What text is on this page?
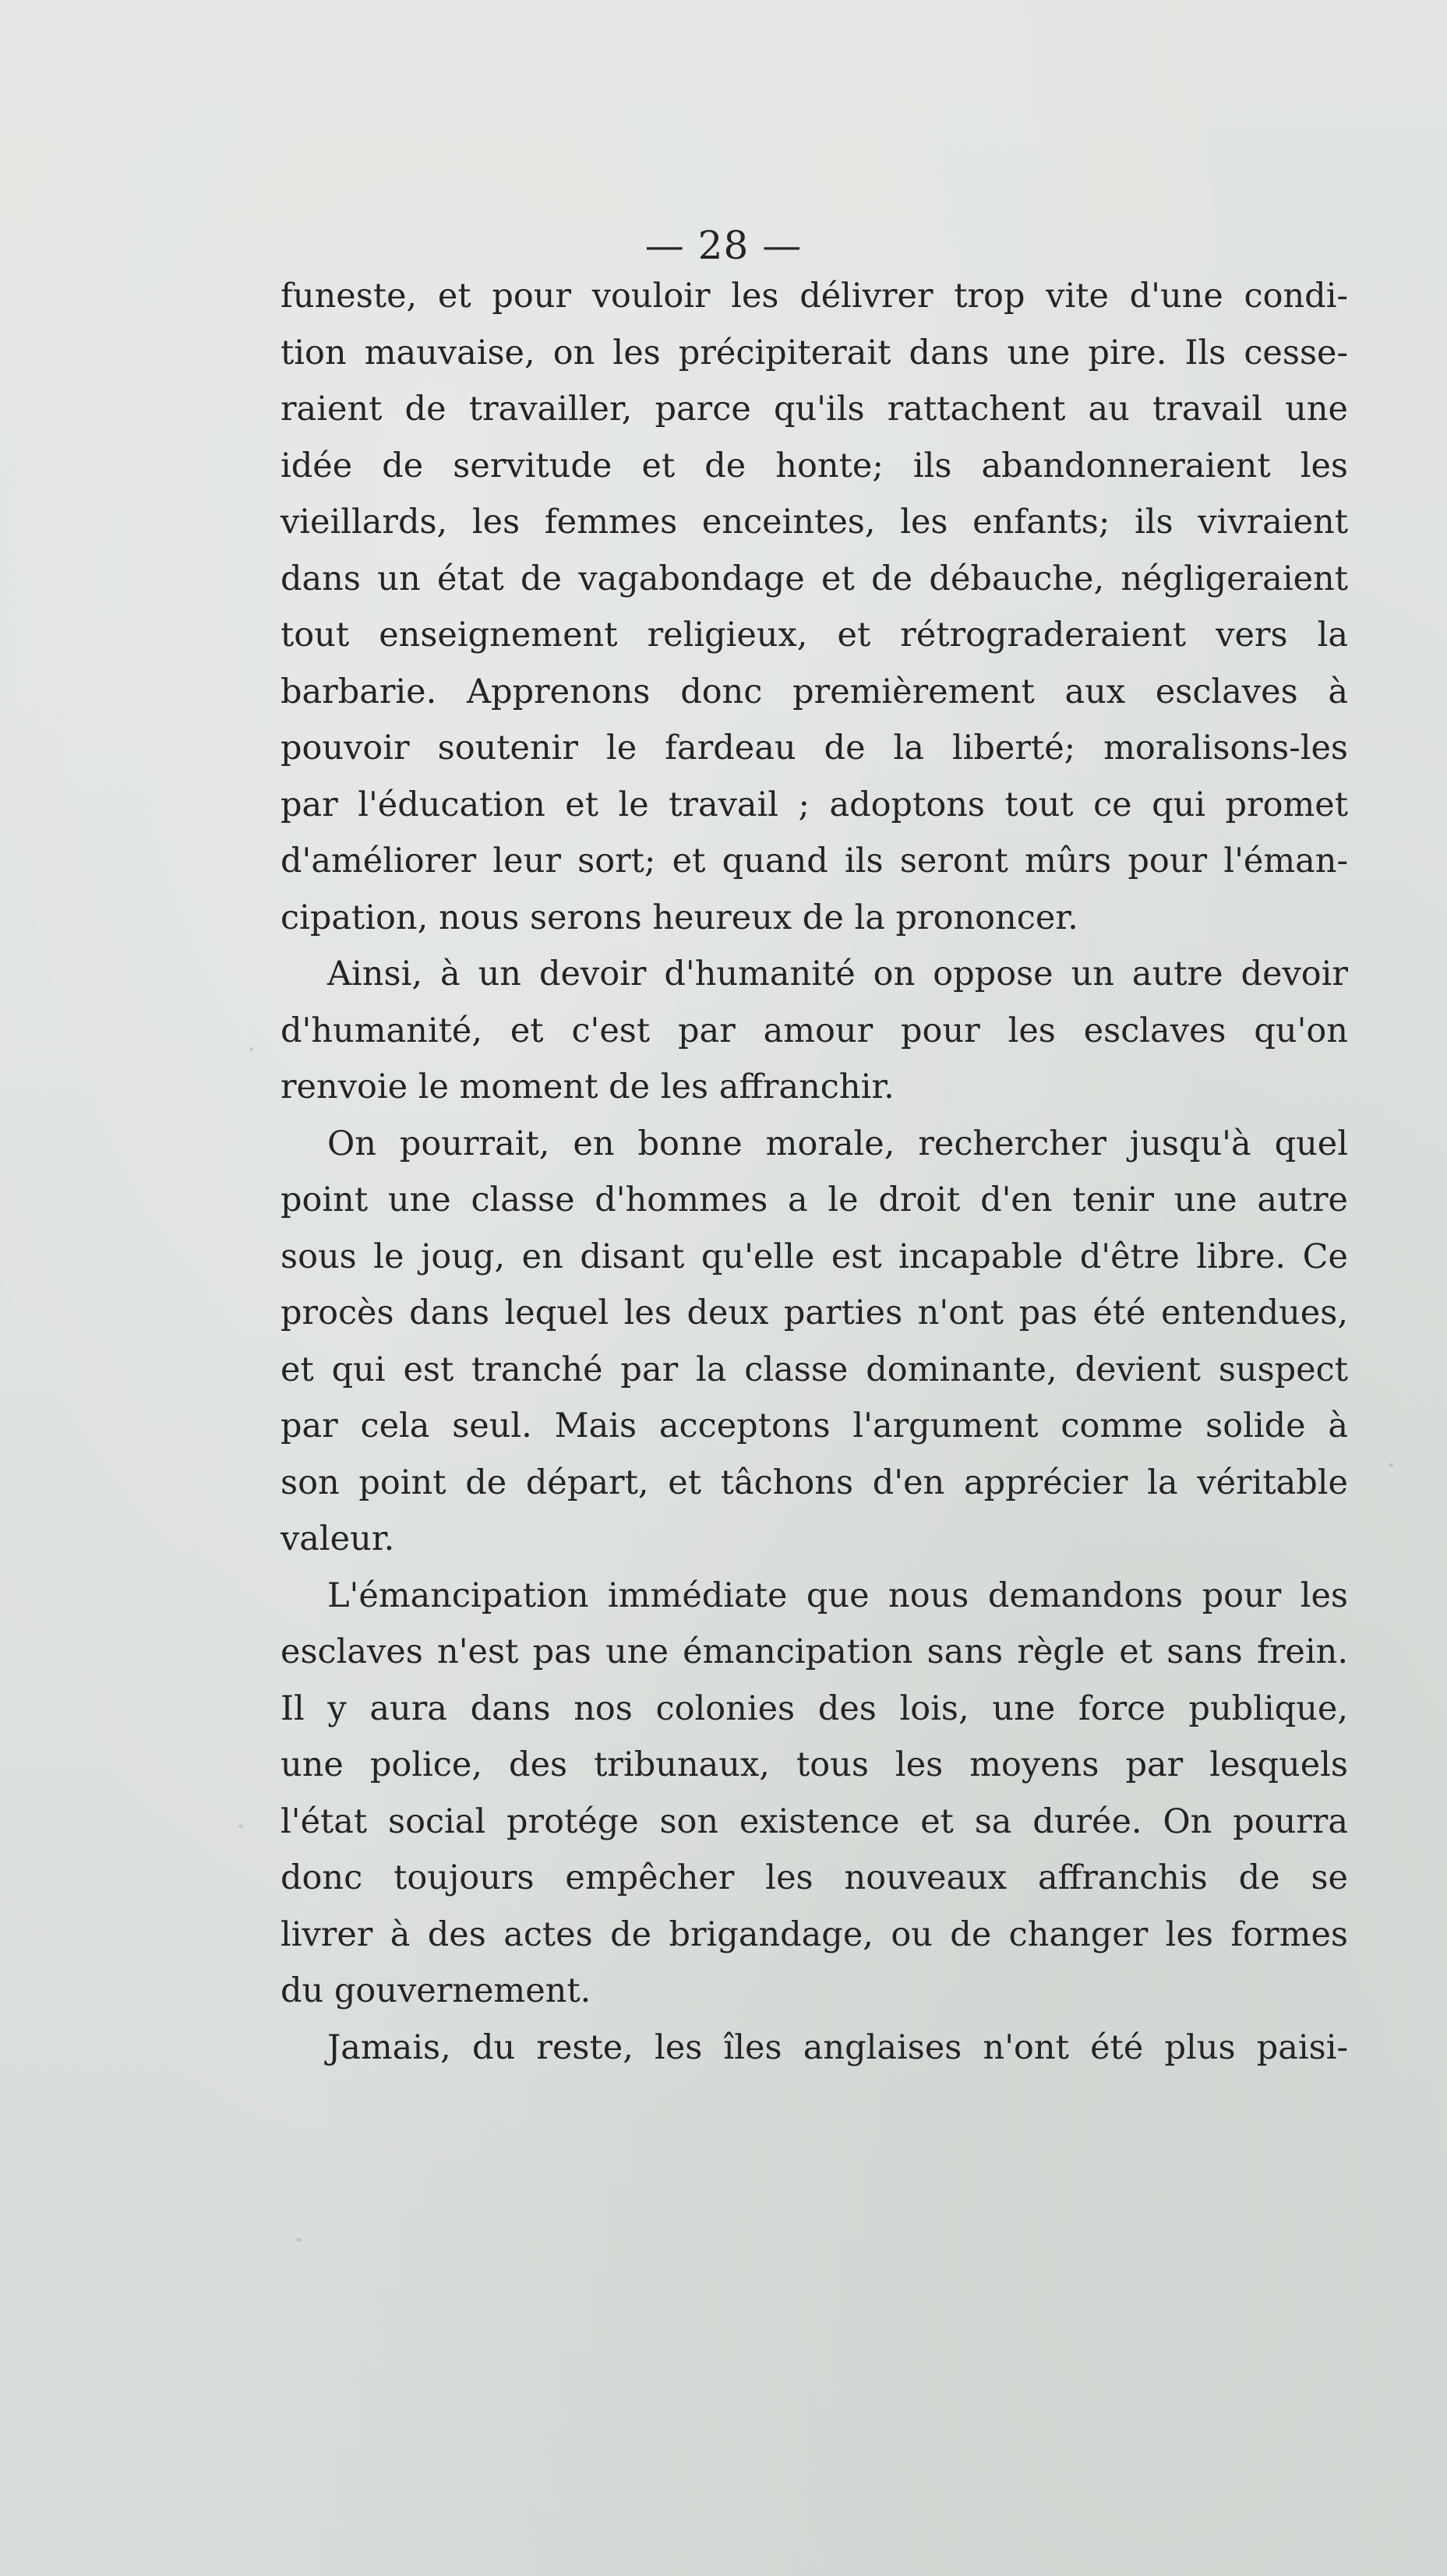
— 28 —
funeste, et pour vouloir les délivrer trop vite d'une condi-
tion mauvaise, on les précipiterait dans une pire. Ils cesse-
raient de travailler, parce qu'ils rattachent au travail une
idée de servitude et de honte; ils abandonneraient les
vieillards, les femmes enceintes, les enfants; ils vivraient
dans un état de vagabondage et de débauche, négligeraient
tout enseignement religieux, et rétrograderaient vers la
barbarie. Apprenons donc premièrement aux esclaves à
pouvoir soutenir le fardeau de la liberté; moralisons-les
par l'éducation et le travail ; adoptons tout ce qui promet
d'améliorer leur sort; et quand ils seront mûrs pour l'éman-
cipation, nous serons heureux de la prononcer.
Ainsi, à un devoir d'humanité on oppose un autre devoir
d'humanité, et c'est par amour pour les esclaves qu'on
renvoie le moment de les affranchir.
On pourrait, en bonne morale, rechercher jusqu'à quel
point une classe d'hommes a le droit d'en tenir une autre
sous le joug, en disant qu'elle est incapable d'être libre. Ce
procès dans lequel les deux parties n'ont pas été entendues,
et qui est tranché par la classe dominante, devient suspect
par cela seul. Mais acceptons l'argument comme solide à
son point de départ, et tâchons d'en apprécier la véritable
valeur.
L'émancipation immédiate que nous demandons pour les
esclaves n'est pas une émancipation sans règle et sans frein.
Il y aura dans nos colonies des lois, une force publique,
une police, des tribunaux, tous les moyens par lesquels
l'état social protége son existence et sa durée. On pourra
donc toujours empêcher les nouveaux affranchis de se
livrer à des actes de brigandage, ou de changer les formes
du gouvernement.
Jamais, du reste, les îles anglaises n'ont été plus paisi-
